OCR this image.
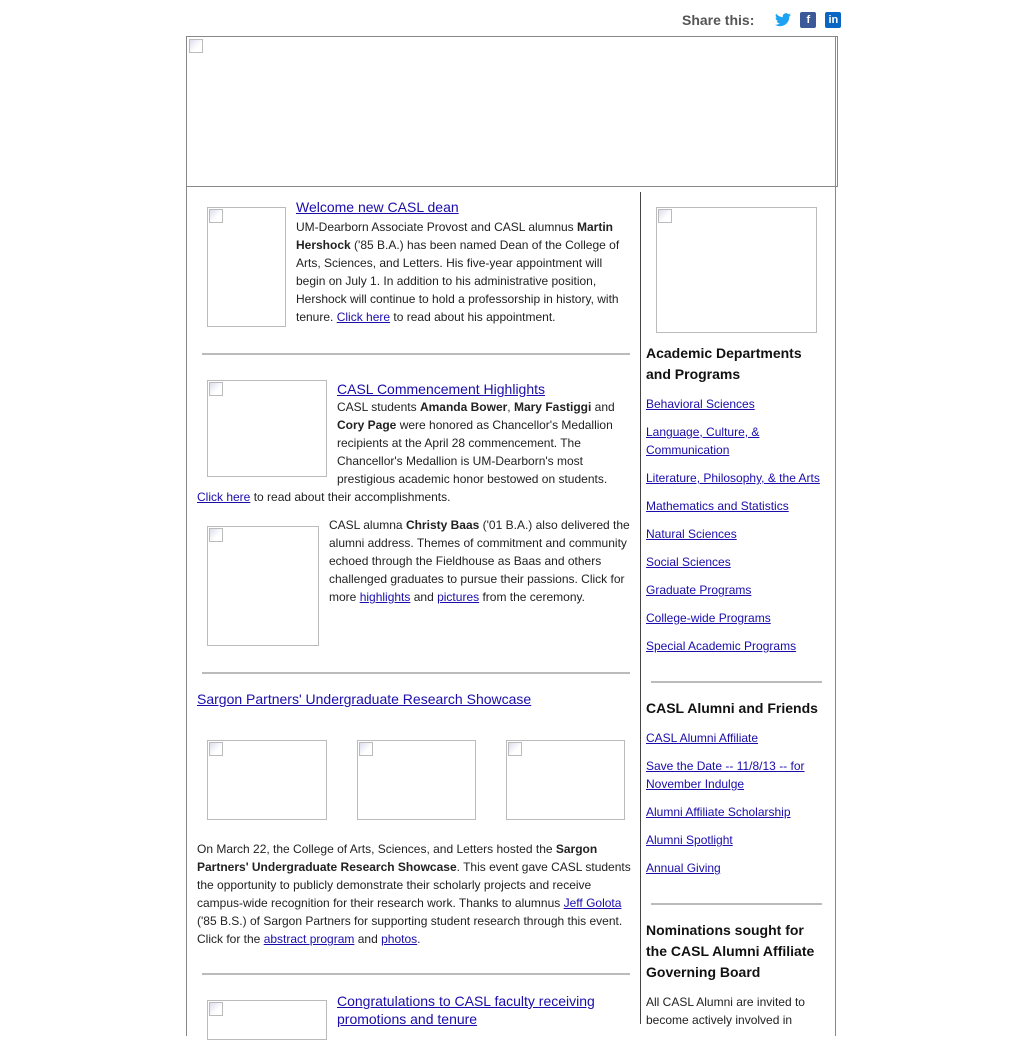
Share this:	f	in
Welcome new CASL dean
UM-Dearborn Associate Provost and CASL alumnus Martin Hershock ('85 B.A.) has been named Dean of the College of Arts, Sciences, and Letters. His five-year appointment will begin on July 1. In addition to his administrative position, Hershock will continue to hold a professorship in history, with tenure. Click here to read about his appointment.
CASL Commencement Highlights
CASL students Amanda Bower, Mary Fastiggi and Cory Page were honored as Chancellor's Medallion recipients at the April 28 commencement. The Chancellor's Medallion is UM-Dearborn's most prestigious academic honor bestowed on students.
Click here to read about their accomplishments.
CASL alumna Christy Baas ('01 B.A.) also delivered the alumni address. Themes of commitment and community echoed through the Fieldhouse as Baas and others challenged graduates to pursue their passions. Click for more highlights and pictures from the ceremony.
Sargon Partners' Undergraduate Research Showcase
On March 22, the College of Arts, Sciences, and Letters hosted the Sargon Partners' Undergraduate Research Showcase. This event gave CASL students the opportunity to publicly demonstrate their scholarly projects and receive campus-wide recognition for their research work. Thanks to alumnus Jeff Golota ('85 B.S.) of Sargon Partners for supporting student research through this event. Click for the abstract program and photos.
Congratulations to CASL faculty receiving promotions and tenure
Academic Departments and Programs
Behavioral Sciences
Language, Culture, & Communication
Literature, Philosophy, & the Arts
Mathematics and Statistics
Natural Sciences
Social Sciences
Graduate Programs
College-wide Programs
Special Academic Programs
CASL Alumni and Friends
CASL Alumni Affiliate
Save the Date -- 11/8/13 -- for November Indulge
Alumni Affiliate Scholarship
Alumni Spotlight
Annual Giving
Nominations sought for the CASL Alumni Affiliate Governing Board
All CASL Alumni are invited to become actively involved in
